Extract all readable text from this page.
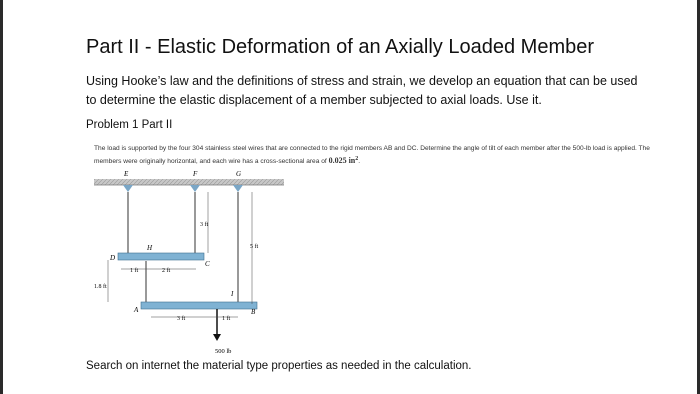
Part II - Elastic Deformation of an Axially Loaded Member
Using Hooke’s law and the definitions of stress and strain, we develop an equation that can be used to determine the elastic displacement of a member subjected to axial loads. Use it.
Problem 1 Part II
The load is supported by the four 304 stainless steel wires that are connected to the rigid members AB and DC. Determine the angle of tilt of each member after the 500-lb load is applied. The members were originally horizontal, and each wire has a cross-sectional area of 0.025 $in^2$.
E	F	G
D
H
C
A	B
I
500 lb
3 ft
5 ft
1 ft	2 ft
1.8 ft
3 ft	1 ft
Search on internet the material type properties as needed in the calculation.
